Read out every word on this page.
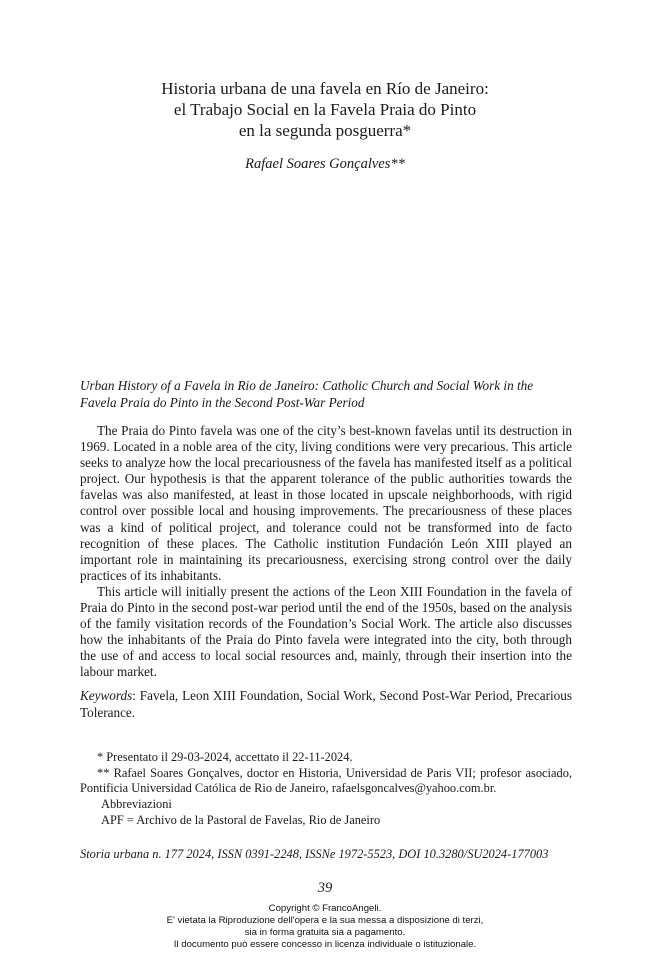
Historia urbana de una favela en Río de Janeiro:
el Trabajo Social en la Favela Praia do Pinto
en la segunda posguerra*
Rafael Soares Gonçalves**
Urban History of a Favela in Rio de Janeiro: Catholic Church and Social Work in the Favela Praia do Pinto in the Second Post-War Period

The Praia do Pinto favela was one of the city’s best-known favelas until its destruction in 1969. Located in a noble area of the city, living conditions were very precarious. This article seeks to analyze how the local precariousness of the favela has manifested itself as a political project. Our hypothesis is that the apparent tolerance of the public authorities towards the favelas was also manifested, at least in those located in upscale neighborhoods, with rigid control over possible local and housing improvements. The precariousness of these places was a kind of political project, and tolerance could not be transformed into de facto recognition of these places. The Catholic institution Fundación León XIII played an important role in maintaining its precariousness, exercising strong control over the daily practices of its inhabitants.

This article will initially present the actions of the Leon XIII Foundation in the favela of Praia do Pinto in the second post-war period until the end of the 1950s, based on the analysis of the family visitation records of the Foundation’s Social Work. The article also discusses how the inhabitants of the Praia do Pinto favela were integrated into the city, both through the use of and access to local social resources and, mainly, through their insertion into the labour market.

Keywords: Favela, Leon XIII Foundation, Social Work, Second Post-War Period, Precarious Tolerance.

* Presentato il 29-03-2024, accettato il 22-11-2024.

** Rafael Soares Gonçalves, doctor en Historia, Universidad de Paris VII; profesor asociado, Pontificia Universidad Católica de Rio de Janeiro, rafaelsgoncalves@yahoo.com.br.

Abbreviazioni

APF = Archivo de la Pastoral de Favelas, Rio de Janeiro

Storia urbana n. 177 2024, ISSN 0391-2248, ISSNe 1972-5523, DOI 10.3280/SU2024-177003
39
Copyright © FrancoAngeli.
E' vietata la Riproduzione dell'opera e la sua messa a disposizione di terzi,
sia in forma gratuita sia a pagamento.
Il documento può essere concesso in licenza individuale o istituzionale.
